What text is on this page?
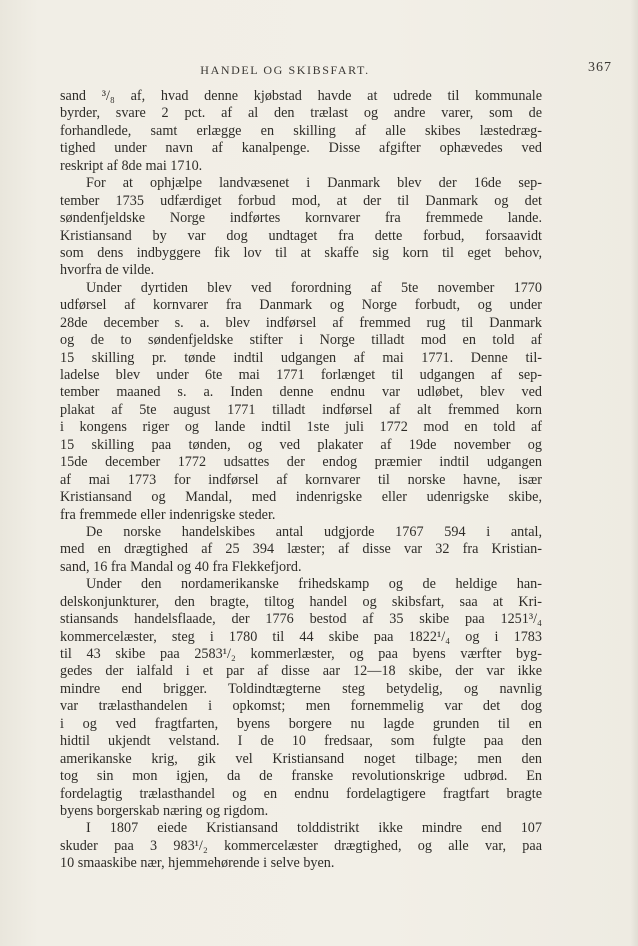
HANDEL OG SKIBSFART.	367
sand ³/₈ af, hvad denne kjøbstad havde at udrede til kommunale
byrder, svare 2 pct. af al den trælast og andre varer, som de
forhandlede, samt erlægge en skilling af alle skibes læstedræg-
tighed under navn af kanalpenge. Disse afgifter ophævedes ved
reskript af 8de mai 1710.
For at ophjælpe landvæsenet i Danmark blev der 16de sep-
tember 1735 udfærdiget forbud mod, at der til Danmark og det
søndenfjeldske Norge indførtes kornvarer fra fremmede lande.
Kristiansand by var dog undtaget fra dette forbud, forsaavidt
som dens indbyggere fik lov til at skaffe sig korn til eget behov,
hvorfra de vilde.
Under dyrtiden blev ved forordning af 5te november 1770
udførsel af kornvarer fra Danmark og Norge forbudt, og under
28de december s. a. blev indførsel af fremmed rug til Danmark
og de to søndenfjeldske stifter i Norge tilladt mod en told af
15 skilling pr. tønde indtil udgangen af mai 1771. Denne til-
ladelse blev under 6te mai 1771 forlænget til udgangen af sep-
tember maaned s. a. Inden denne endnu var udløbet, blev ved
plakat af 5te august 1771 tilladt indførsel af alt fremmed korn
i kongens riger og lande indtil 1ste juli 1772 mod en told af
15 skilling paa tønden, og ved plakater af 19de november og
15de december 1772 udsattes der endog præmier indtil udgangen
af mai 1773 for indførsel af kornvarer til norske havne, især
Kristiansand og Mandal, med indenrigske eller udenrigske skibe,
fra fremmede eller indenrigske steder.
De norske handelskibes antal udgjorde 1767 594 i antal,
med en drægtighed af 25 394 læster; af disse var 32 fra Kristian-
sand, 16 fra Mandal og 40 fra Flekkefjord.
Under den nordamerikanske frihedskamp og de heldige han-
delskonjunkturer, den bragte, tiltog handel og skibsfart, saa at Kri-
stiansands handelsflaade, der 1776 bestod af 35 skibe paa 1251³/₄
kommercelæster, steg i 1780 til 44 skibe paa 1822¹/₄ og i 1783
til 43 skibe paa 2583¹/₂ kommerlæster, og paa byens værfter byg-
gedes der ialfald i et par af disse aar 12—18 skibe, der var ikke
mindre end brigger. Toldindtægterne steg betydelig, og navnlig
var trælasthandelen i opkomst; men fornemmelig var det dog
i og ved fragtfarten, byens borgere nu lagde grunden til en
hidtil ukjendt velstand. I de 10 fredsaar, som fulgte paa den
amerikanske krig, gik vel Kristiansand noget tilbage; men den
tog sin mon igjen, da de franske revolutionskrige udbrød. En
fordelagtig trælasthandel og en endnu fordelagtigere fragtfart bragte
byens borgerskab næring og rigdom.
I 1807 eiede Kristiansand tolddistrikt ikke mindre end 107
skuder paa 3 983¹/₂ kommercelæster drægtighed, og alle var, paa
10 smaaskibe nær, hjemmehørende i selve byen.
